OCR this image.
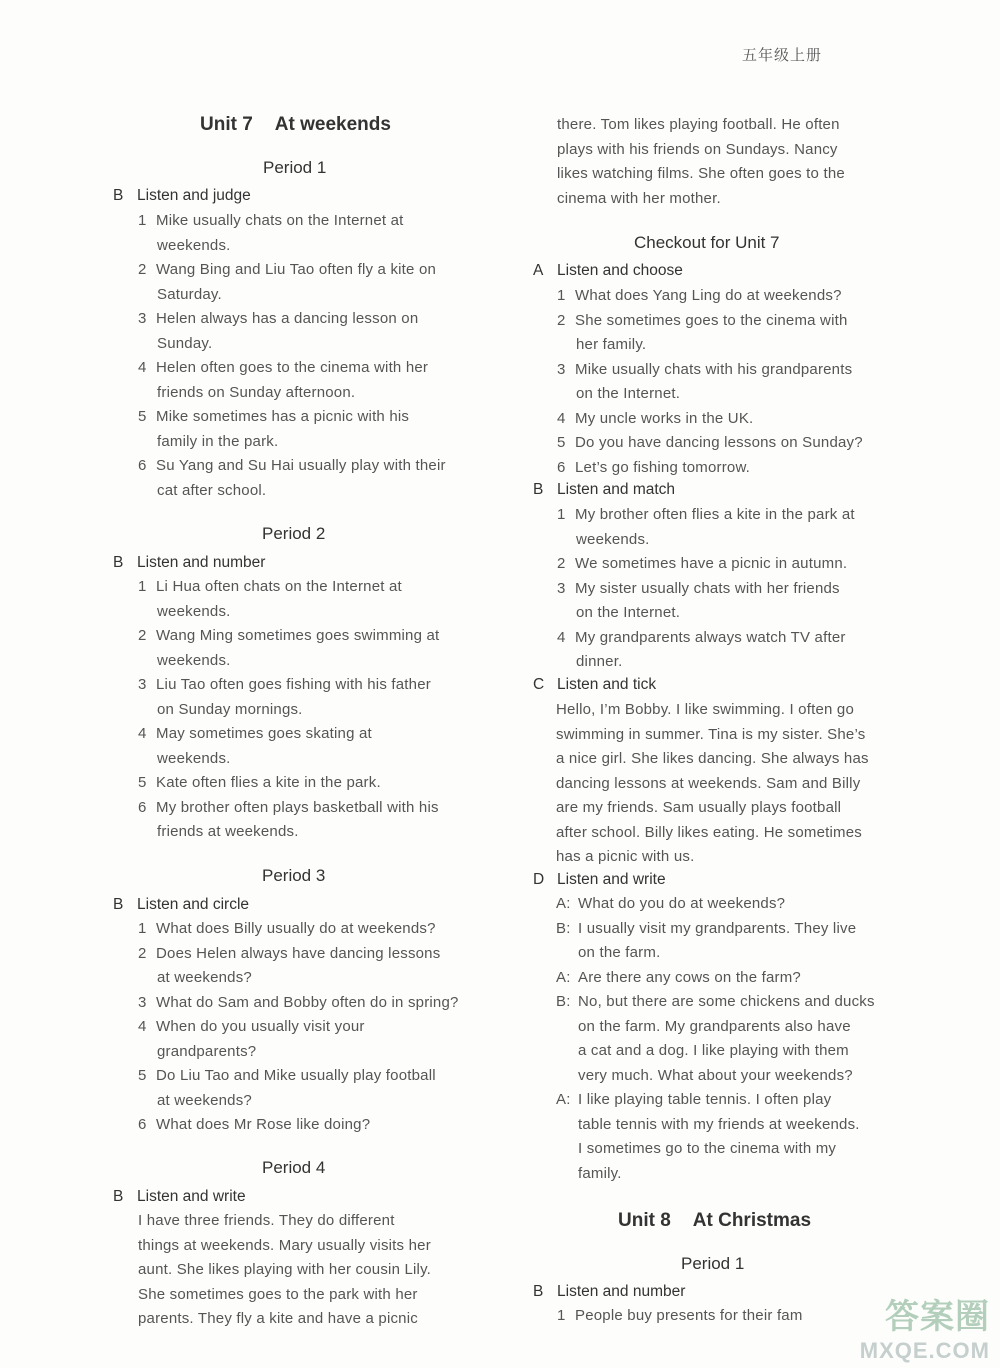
五年级上册
Unit 7 At weekends
Period 1
B Listen and judge
1 Mike usually chats on the Internet at
weekends.
2 Wang Bing and Liu Tao often fly a kite on
Saturday.
3 Helen always has a dancing lesson on
Sunday.
4 Helen often goes to the cinema with her
friends on Sunday afternoon.
5 Mike sometimes has a picnic with his
family in the park.
6 Su Yang and Su Hai usually play with their
cat after school.
Period 2
B Listen and number
1 Li Hua often chats on the Internet at
weekends.
2 Wang Ming sometimes goes swimming at
weekends.
3 Liu Tao often goes fishing with his father
on Sunday mornings.
4 May sometimes goes skating at
weekends.
5 Kate often flies a kite in the park.
6 My brother often plays basketball with his
friends at weekends.
Period 3
B Listen and circle
1 What does Billy usually do at weekends?
2 Does Helen always have dancing lessons
at weekends?
3 What do Sam and Bobby often do in spring?
4 When do you usually visit your
grandparents?
5 Do Liu Tao and Mike usually play football
at weekends?
6 What does Mr Rose like doing?
Period 4
B Listen and write
I have three friends. They do different
things at weekends. Mary usually visits her
aunt. She likes playing with her cousin Lily.
She sometimes goes to the park with her
parents. They fly a kite and have a picnic
there. Tom likes playing football. He often
plays with his friends on Sundays. Nancy
likes watching films. She often goes to the
cinema with her mother.
Checkout for Unit 7
A Listen and choose
1 What does Yang Ling do at weekends?
2 She sometimes goes to the cinema with
her family.
3 Mike usually chats with his grandparents
on the Internet.
4 My uncle works in the UK.
5 Do you have dancing lessons on Sunday?
6 Let’s go fishing tomorrow.
B Listen and match
1 My brother often flies a kite in the park at
weekends.
2 We sometimes have a picnic in autumn.
3 My sister usually chats with her friends
on the Internet.
4 My grandparents always watch TV after
dinner.
C Listen and tick
Hello, I’m Bobby. I like swimming. I often go
swimming in summer. Tina is my sister. She’s
a nice girl. She likes dancing. She always has
dancing lessons at weekends. Sam and Billy
are my friends. Sam usually plays football
after school. Billy likes eating. He sometimes
has a picnic with us.
D Listen and write
A: What do you do at weekends?
B: I usually visit my grandparents. They live
on the farm.
A: Are there any cows on the farm?
B: No, but there are some chickens and ducks
on the farm. My grandparents also have
a cat and a dog. I like playing with them
very much. What about your weekends?
A: I like playing table tennis. I often play
table tennis with my friends at weekends.
I sometimes go to the cinema with my
family.
Unit 8 At Christmas
Period 1
B Listen and number
1 People buy presents for their fam	答案圈
MXQE.COM
